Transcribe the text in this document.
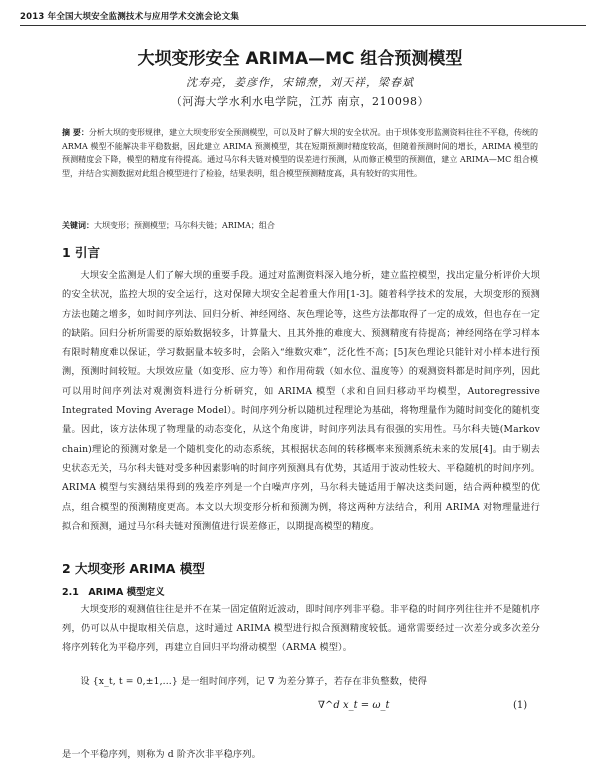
2013 年全国大坝安全监测技术与应用学术交流会论文集
大坝变形安全 ARIMA—MC 组合预测模型
沈寿亮，姜彦作，宋锦焘，刘天祥，梁春斌
（河海大学水利水电学院，江苏 南京，210098）
摘 要：分析大坝的变形规律，建立大坝变形安全预测模型，可以及时了解大坝的安全状况。由于坝体变形监测资料往往不平稳，传统的 ARMA 模型不能解决非平稳数据，因此建立 ARIMA 预测模型，其在短期预测时精度较高，但随着预测时间的增长，ARIMA 模型的预测精度会下降，模型的精度有待提高。通过马尔科夫链对模型的误差进行预测，从而修正模型的预测值，建立 ARIMA—MC 组合模型，并结合实测数据对此组合模型进行了检验，结果表明，组合模型预测精度高，具有较好的实用性。
关键词：大坝变形；预测模型；马尔科夫链；ARIMA；组合
1 引言
大坝安全监测是人们了解大坝的重要手段。通过对监测资料深入地分析，建立监控模型，找出定量分析评价大坝的安全状况，监控大坝的安全运行，这对保障大坝安全起着重大作用[1-3]。随着科学技术的发展，大坝变形的预测方法也随之增多，如时间序列法、回归分析、神经网络、灰色理论等，这些方法都取得了一定的成效，但也存在一定的缺陷。回归分析所需要的原始数据较多，计算量大、且其外推的难度大、预测精度有待提高；神经网络在学习样本有限时精度难以保证，学习数据量本较多时，会陷入“维数灾难”，泛化性不高；[5]灰色理论只能针对小样本进行预测，预测时间较短。大坝效应量（如变形、应力等）和作用荷载（如水位、温度等）的观测资料都是时间序列，因此可以用时间序列法对观测资料进行分析研究，如 ARIMA 模型（求和自回归移动平均模型，Autoregressive Integrated Moving Average Model）。时间序列分析以随机过程理论为基础，将物理量作为随时间变化的随机变量。因此，该方法体现了物理量的动态变化，从这个角度讲，时间序列法具有很强的实用性。马尔科夫链(Markov chain)理论的预测对象是一个随机变化的动态系统，其根据状态间的转移概率来预测系统未来的发展[4]。由于剔去史状态无关，马尔科夫链对受多种因素影响的时间序列预测具有优势，其适用于波动性较大、平稳随机的时间序列。ARIMA 模型与实测结果得到的残差序列是一个白噪声序列，马尔科夫链适用于解决这类问题，结合两种模型的优点，组合模型的预测精度更高。本文以大坝变形分析和预测为例，将这两种方法结合，利用 ARIMA 对物理量进行拟合和预测，通过马尔科夫链对预测值进行误差修正，以期提高模型的精度。
2 大坝变形 ARIMA 模型
2.1　ARIMA 模型定义
大坝变形的观测值往往是并不在某一固定值附近波动，即时间序列非平稳。非平稳的时间序列往往并不是随机序列，仍可以从中提取相关信息，这时通过 ARIMA 模型进行拟合预测精度较低。通常需要经过一次差分或多次差分将序列转化为平稳序列，再建立自回归平均滑动模型（ARMA 模型）。
设 {x_t, t = 0,±1,...} 是一组时间序列，记 ∇ 为差分算子，若存在非负整数，使得
∇^d x_t = ω_t	(1)
是一个平稳序列，则称为 d 阶齐次非平稳序列。
